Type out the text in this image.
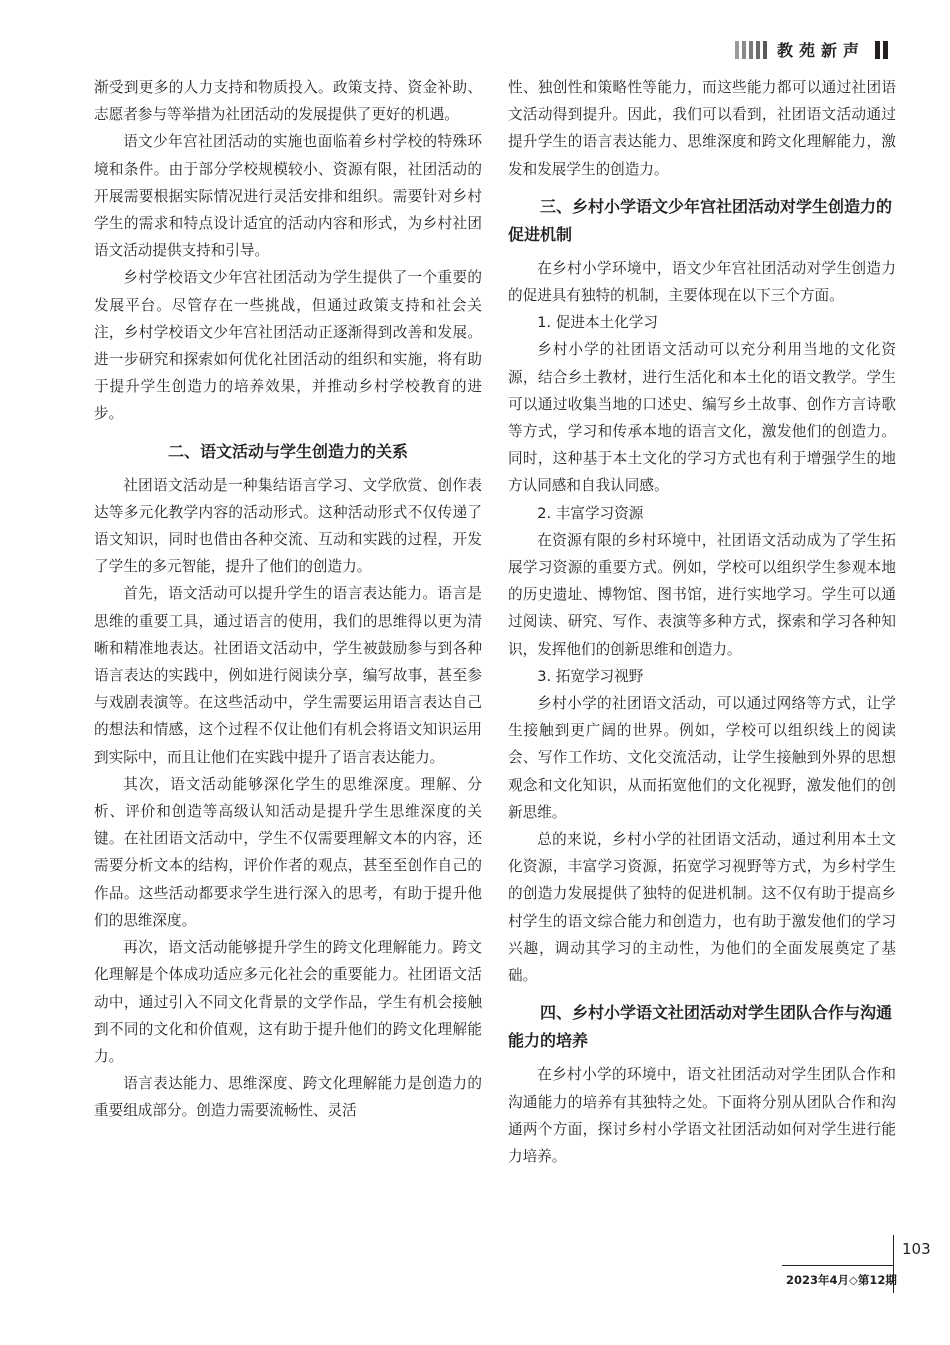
教苑新声

渐受到更多的人力支持和物质投入。政策支持、资金补助、志愿者参与等举措为社团活动的发展提供了更好的机遇。

语文少年宫社团活动的实施也面临着乡村学校的特殊环境和条件。由于部分学校规模较小、资源有限，社团活动的开展需要根据实际情况进行灵活安排和组织。需要针对乡村学生的需求和特点设计适宜的活动内容和形式，为乡村社团语文活动提供支持和引导。

乡村学校语文少年宫社团活动为学生提供了一个重要的发展平台。尽管存在一些挑战，但通过政策支持和社会关注，乡村学校语文少年宫社团活动正逐渐得到改善和发展。进一步研究和探索如何优化社团活动的组织和实施，将有助于提升学生创造力的培养效果，并推动乡村学校教育的进步。

二、语文活动与学生创造力的关系

社团语文活动是一种集结语言学习、文学欣赏、创作表达等多元化教学内容的活动形式。这种活动形式不仅传递了语文知识，同时也借由各种交流、互动和实践的过程，开发了学生的多元智能，提升了他们的创造力。

首先，语文活动可以提升学生的语言表达能力。语言是思维的重要工具，通过语言的使用，我们的思维得以更为清晰和精准地表达。社团语文活动中，学生被鼓励参与到各种语言表达的实践中，例如进行阅读分享，编写故事，甚至参与戏剧表演等。在这些活动中，学生需要运用语言表达自己的想法和情感，这个过程不仅让他们有机会将语文知识运用到实际中，而且让他们在实践中提升了语言表达能力。

其次，语文活动能够深化学生的思维深度。理解、分析、评价和创造等高级认知活动是提升学生思维深度的关键。在社团语文活动中，学生不仅需要理解文本的内容，还需要分析文本的结构，评价作者的观点，甚至至创作自己的作品。这些活动都要求学生进行深入的思考，有助于提升他们的思维深度。

再次，语文活动能够提升学生的跨文化理解能力。跨文化理解是个体成功适应多元化社会的重要能力。社团语文活动中，通过引入不同文化背景的文学作品，学生有机会接触到不同的文化和价值观，这有助于提升他们的跨文化理解能力。

语言表达能力、思维深度、跨文化理解能力是创造力的重要组成部分。创造力需要流畅性、灵活

性、独创性和策略性等能力，而这些能力都可以通过社团语文活动得到提升。因此，我们可以看到，社团语文活动通过提升学生的语言表达能力、思维深度和跨文化理解能力，激发和发展学生的创造力。

三、乡村小学语文少年宫社团活动对学生创造力的促进机制

在乡村小学环境中，语文少年宫社团活动对学生创造力的促进具有独特的机制，主要体现在以下三个方面。

1. 促进本土化学习

乡村小学的社团语文活动可以充分利用当地的文化资源，结合乡土教材，进行生活化和本土化的语文教学。学生可以通过收集当地的口述史、编写乡土故事、创作方言诗歌等方式，学习和传承本地的语言文化，激发他们的创造力。同时，这种基于本土文化的学习方式也有利于增强学生的地方认同感和自我认同感。

2. 丰富学习资源

在资源有限的乡村环境中，社团语文活动成为了学生拓展学习资源的重要方式。例如，学校可以组织学生参观本地的历史遗址、博物馆、图书馆，进行实地学习。学生可以通过阅读、研究、写作、表演等多种方式，探索和学习各种知识，发挥他们的创新思维和创造力。

3. 拓宽学习视野

乡村小学的社团语文活动，可以通过网络等方式，让学生接触到更广阔的世界。例如，学校可以组织线上的阅读会、写作工作坊、文化交流活动，让学生接触到外界的思想观念和文化知识，从而拓宽他们的文化视野，激发他们的创新思维。

总的来说，乡村小学的社团语文活动，通过利用本土文化资源，丰富学习资源，拓宽学习视野等方式，为乡村学生的创造力发展提供了独特的促进机制。这不仅有助于提高乡村学生的语文综合能力和创造力，也有助于激发他们的学习兴趣，调动其学习的主动性，为他们的全面发展奠定了基础。

四、乡村小学语文社团活动对学生团队合作与沟通能力的培养

在乡村小学的环境中，语文社团活动对学生团队合作和沟通能力的培养有其独特之处。下面将分别从团队合作和沟通两个方面，探讨乡村小学语文社团活动如何对学生进行能力培养。

103
2023年4月◇第12期
